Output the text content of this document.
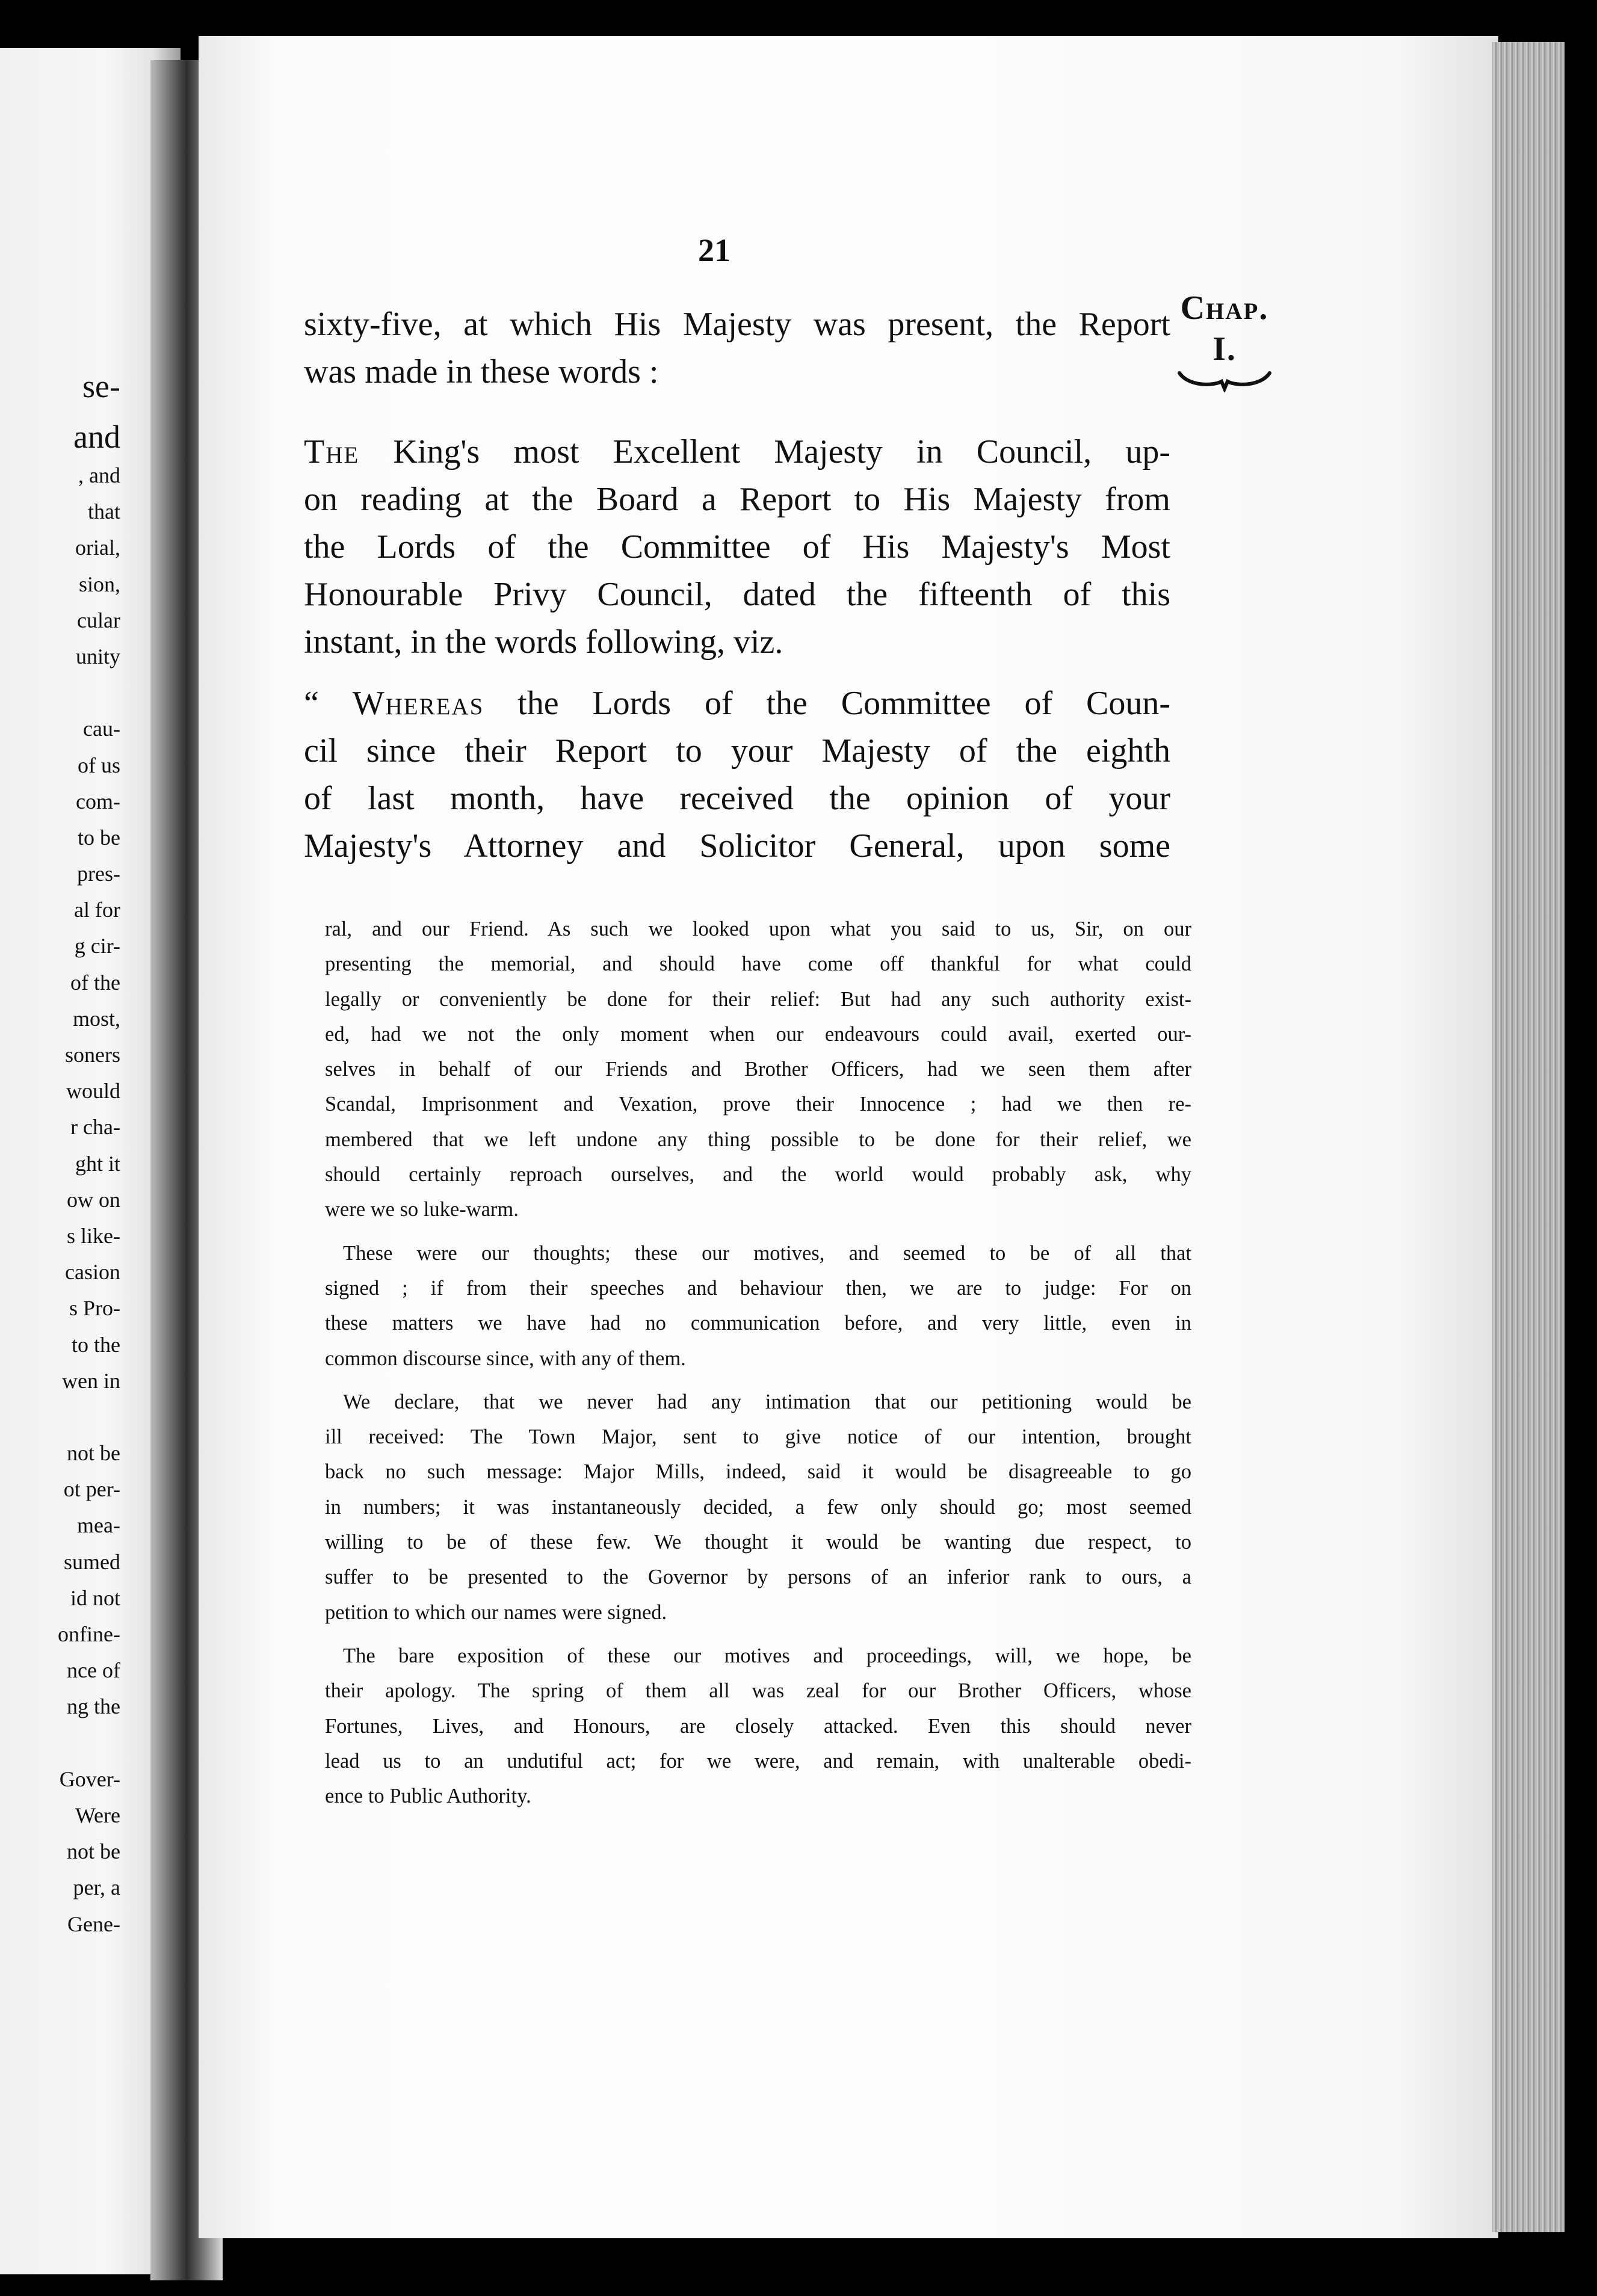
se-
and
, and
that
orial,
sion,
cular
unity
cau-
of us
com-
to be
pres-
al for
g cir-
of the
most,
soners
would
r cha-
ght it
ow on
s like-
casion
s Pro-
to the
wen in
not be
ot per-
mea-
sumed
id not
onfine-
nce of
ng the
Gover-
Were
not be
per, a
Gene-
21
Chap.
I.
sixty-five, at which His Majesty was present, the Report
was made in these words :
The King's most Excellent Majesty in Council, up-
on reading at the Board a Report to His Majesty from
the Lords of the Committee of His Majesty's Most
Honourable Privy Council, dated the fifteenth of this
instant, in the words following, viz.
“ Whereas the Lords of the Committee of Coun-
cil since their Report to your Majesty of the eighth
of last month, have received the opinion of your
Majesty's Attorney and Solicitor General, upon some
ral, and our Friend. As such we looked upon what you said to us, Sir, on our
presenting the memorial, and should have come off thankful for what could
legally or conveniently be done for their relief: But had any such authority exist-
ed, had we not the only moment when our endeavours could avail, exerted our-
selves in behalf of our Friends and Brother Officers, had we seen them after
Scandal, Imprisonment and Vexation, prove their Innocence ; had we then re-
membered that we left undone any thing possible to be done for their relief, we
should certainly reproach ourselves, and the world would probably ask, why
were we so luke-warm.
These were our thoughts; these our motives, and seemed to be of all that
signed ; if from their speeches and behaviour then, we are to judge: For on
these matters we have had no communication before, and very little, even in
common discourse since, with any of them.
We declare, that we never had any intimation that our petitioning would be
ill received: The Town Major, sent to give notice of our intention, brought
back no such message: Major Mills, indeed, said it would be disagreeable to go
in numbers; it was instantaneously decided, a few only should go; most seemed
willing to be of these few. We thought it would be wanting due respect, to
suffer to be presented to the Governor by persons of an inferior rank to ours, a
petition to which our names were signed.
The bare exposition of these our motives and proceedings, will, we hope, be
their apology. The spring of them all was zeal for our Brother Officers, whose
Fortunes, Lives, and Honours, are closely attacked. Even this should never
lead us to an undutiful act; for we were, and remain, with unalterable obedi-
ence to Public Authority.
